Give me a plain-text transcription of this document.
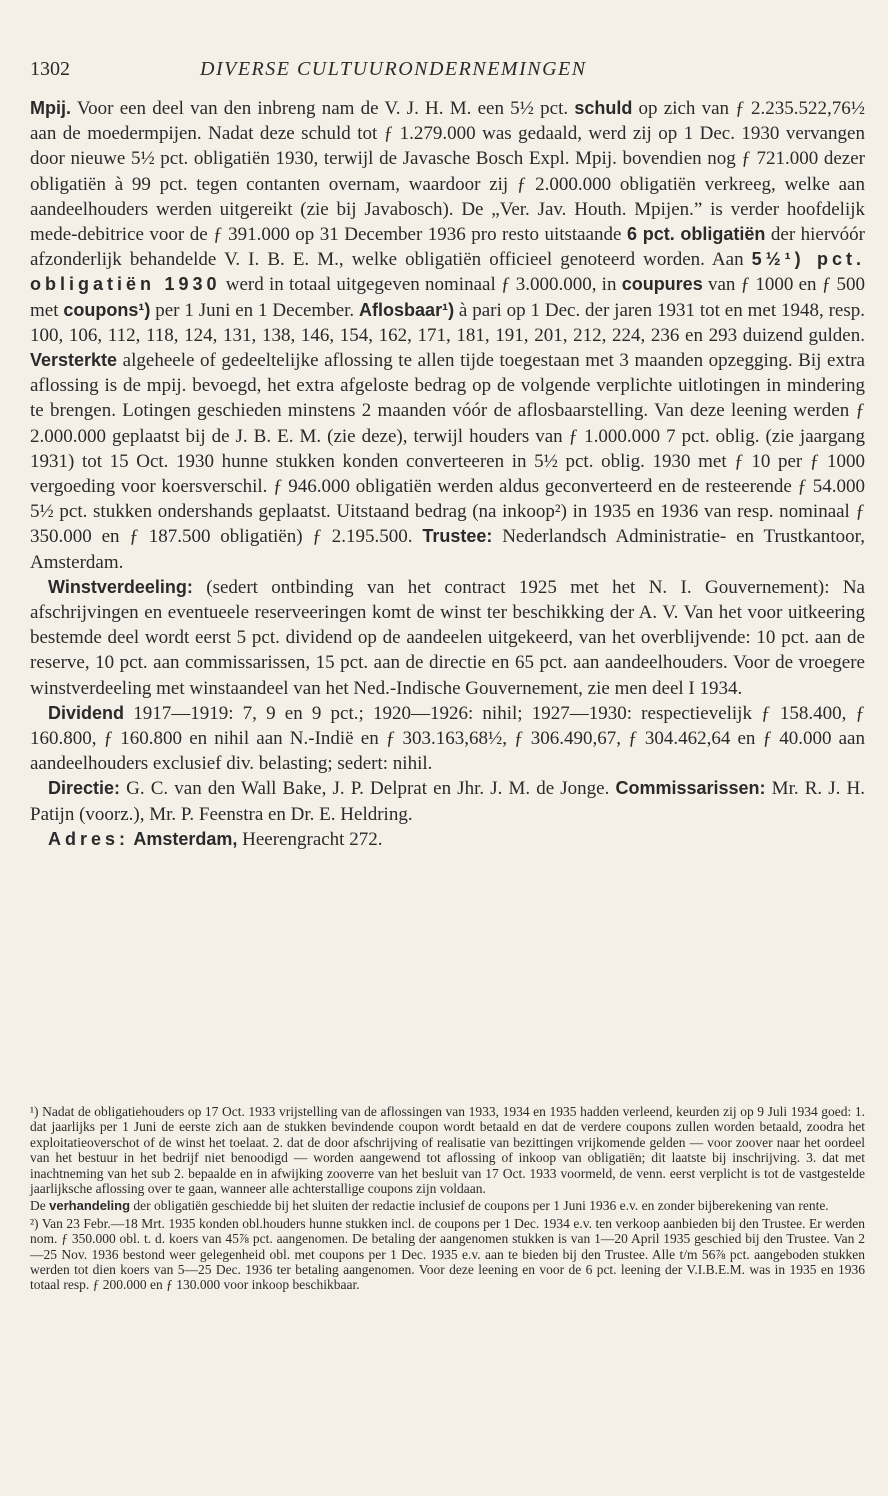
1302	DIVERSE CULTUURONDERNEMINGEN

Mpij. Voor een deel van den inbreng nam de V. J. H. M. een 5½ pct. schuld op zich van ƒ 2.235.522,76½ aan de moedermpijen. Nadat deze schuld tot ƒ 1.279.000 was gedaald, werd zij op 1 Dec. 1930 vervangen door nieuwe 5½ pct. obligatiën 1930, terwijl de Javasche Bosch Expl. Mpij. bovendien nog ƒ 721.000 dezer obligatiën à 99 pct. tegen contanten overnam, waardoor zij ƒ 2.000.000 obligatiën verkreeg, welke aan aandeelhouders werden uitgereikt (zie bij Javabosch). De „Ver. Jav. Houth. Mpijen.” is verder hoofdelijk mede-debitrice voor de ƒ 391.000 op 31 December 1936 pro resto uitstaande 6 pct. obligatiën der hiervóór afzonderlijk behandelde V. I. B. E. M., welke obligatiën officieel genoteerd worden. Aan 5½¹) pct. obligatiën 1930 werd in totaal uitgegeven nominaal ƒ 3.000.000, in coupures van ƒ 1000 en ƒ 500 met coupons¹) per 1 Juni en 1 December. Aflosbaar¹) à pari op 1 Dec. der jaren 1931 tot en met 1948, resp. 100, 106, 112, 118, 124, 131, 138, 146, 154, 162, 171, 181, 191, 201, 212, 224, 236 en 293 duizend gulden. Versterkte algeheele of gedeeltelijke aflossing te allen tijde toegestaan met 3 maanden opzegging. Bij extra aflossing is de mpij. bevoegd, het extra afgeloste bedrag op de volgende verplichte uitlotingen in mindering te brengen. Lotingen geschieden minstens 2 maanden vóór de aflosbaarstelling. Van deze leening werden ƒ 2.000.000 geplaatst bij de J. B. E. M. (zie deze), terwijl houders van ƒ 1.000.000 7 pct. oblig. (zie jaargang 1931) tot 15 Oct. 1930 hunne stukken konden converteeren in 5½ pct. oblig. 1930 met ƒ 10 per ƒ 1000 vergoeding voor koersverschil. ƒ 946.000 obligatiën werden aldus geconverteerd en de resteerende ƒ 54.000 5½ pct. stukken ondershands geplaatst. Uitstaand bedrag (na inkoop²) in 1935 en 1936 van resp. nominaal ƒ 350.000 en ƒ 187.500 obligatiën) ƒ 2.195.500. Trustee: Nederlandsch Administratie- en Trustkantoor, Amsterdam.

Winstverdeeling: (sedert ontbinding van het contract 1925 met het N. I. Gouvernement): Na afschrijvingen en eventueele reserveeringen komt de winst ter beschikking der A. V. Van het voor uitkeering bestemde deel wordt eerst 5 pct. dividend op de aandeelen uitgekeerd, van het overblijvende: 10 pct. aan de reserve, 10 pct. aan commissarissen, 15 pct. aan de directie en 65 pct. aan aandeelhouders. Voor de vroegere winstverdeeling met winstaandeel van het Ned.-Indische Gouvernement, zie men deel I 1934.

Dividend 1917—1919: 7, 9 en 9 pct.; 1920—1926: nihil; 1927—1930: respectievelijk ƒ 158.400, ƒ 160.800, ƒ 160.800 en nihil aan N.-Indië en ƒ 303.163,68½, ƒ 306.490,67, ƒ 304.462,64 en ƒ 40.000 aan aandeelhouders exclusief div. belasting; sedert: nihil.

Directie: G. C. van den Wall Bake, J. P. Delprat en Jhr. J. M. de Jonge. Commissarissen: Mr. R. J. H. Patijn (voorz.), Mr. P. Feenstra en Dr. E. Heldring.

Adres: Amsterdam, Heerengracht 272.

¹) Nadat de obligatiehouders op 17 Oct. 1933 vrijstelling van de aflossingen van 1933, 1934 en 1935 hadden verleend, keurden zij op 9 Juli 1934 goed: 1. dat jaarlijks per 1 Juni de eerste zich aan de stukken bevindende coupon wordt betaald en dat de verdere coupons zullen worden betaald, zoodra het exploitatieoverschot of de winst het toelaat. 2. dat de door afschrijving of realisatie van bezittingen vrijkomende gelden — voor zoover naar het oordeel van het bestuur in het bedrijf niet benoodigd — worden aangewend tot aflossing of inkoop van obligatiën; dit laatste bij inschrijving. 3. dat met inachtneming van het sub 2. bepaalde en in afwijking zooverre van het besluit van 17 Oct. 1933 voormeld, de venn. eerst verplicht is tot de vastgestelde jaarlijksche aflossing over te gaan, wanneer alle achterstallige coupons zijn voldaan.

De verhandeling der obligatiën geschiedde bij het sluiten der redactie inclusief de coupons per 1 Juni 1936 e.v. en zonder bijberekening van rente.

²) Van 23 Febr.—18 Mrt. 1935 konden obl.houders hunne stukken incl. de coupons per 1 Dec. 1934 e.v. ten verkoop aanbieden bij den Trustee. Er werden nom. ƒ 350.000 obl. t. d. koers van 45⅞ pct. aangenomen. De betaling der aangenomen stukken is van 1—20 April 1935 geschied bij den Trustee. Van 2—25 Nov. 1936 bestond weer gelegenheid obl. met coupons per 1 Dec. 1935 e.v. aan te bieden bij den Trustee. Alle t/m 56⅞ pct. aangeboden stukken werden tot dien koers van 5—25 Dec. 1936 ter betaling aangenomen. Voor deze leening en voor de 6 pct. leening der V.I.B.E.M. was in 1935 en 1936 totaal resp. ƒ 200.000 en ƒ 130.000 voor inkoop beschikbaar.
